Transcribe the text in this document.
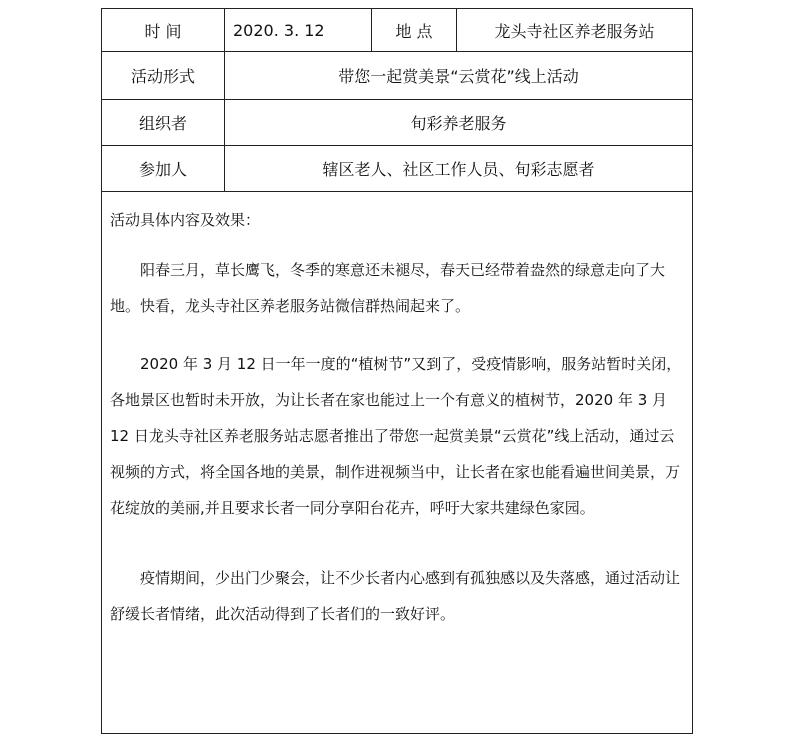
时 间	2020. 3. 12	地 点	龙头寺社区养老服务站
活动形式	带您一起赏美景“云赏花”线上活动
组织者	旬彩养老服务
参加人	辖区老人、社区工作人员、旬彩志愿者

活动具体内容及效果：

阳春三月，草长鹰飞，冬季的寒意还未褪尽，春天已经带着盎然的绿意走向了大地。快看，龙头寺社区养老服务站微信群热闹起来了。

2020 年 3 月 12 日一年一度的“植树节”又到了，受疫情影响，服务站暂时关闭，各地景区也暂时未开放，为让长者在家也能过上一个有意义的植树节，2020 年 3 月 12 日龙头寺社区养老服务站志愿者推出了带您一起赏美景“云赏花”线上活动，通过云视频的方式，将全国各地的美景，制作进视频当中，让长者在家也能看遍世间美景，万花绽放的美丽,并且要求长者一同分享阳台花卉，呼吁大家共建绿色家园。

疫情期间，少出门少聚会，让不少长者内心感到有孤独感以及失落感，通过活动让舒缓长者情绪，此次活动得到了长者们的一致好评。
